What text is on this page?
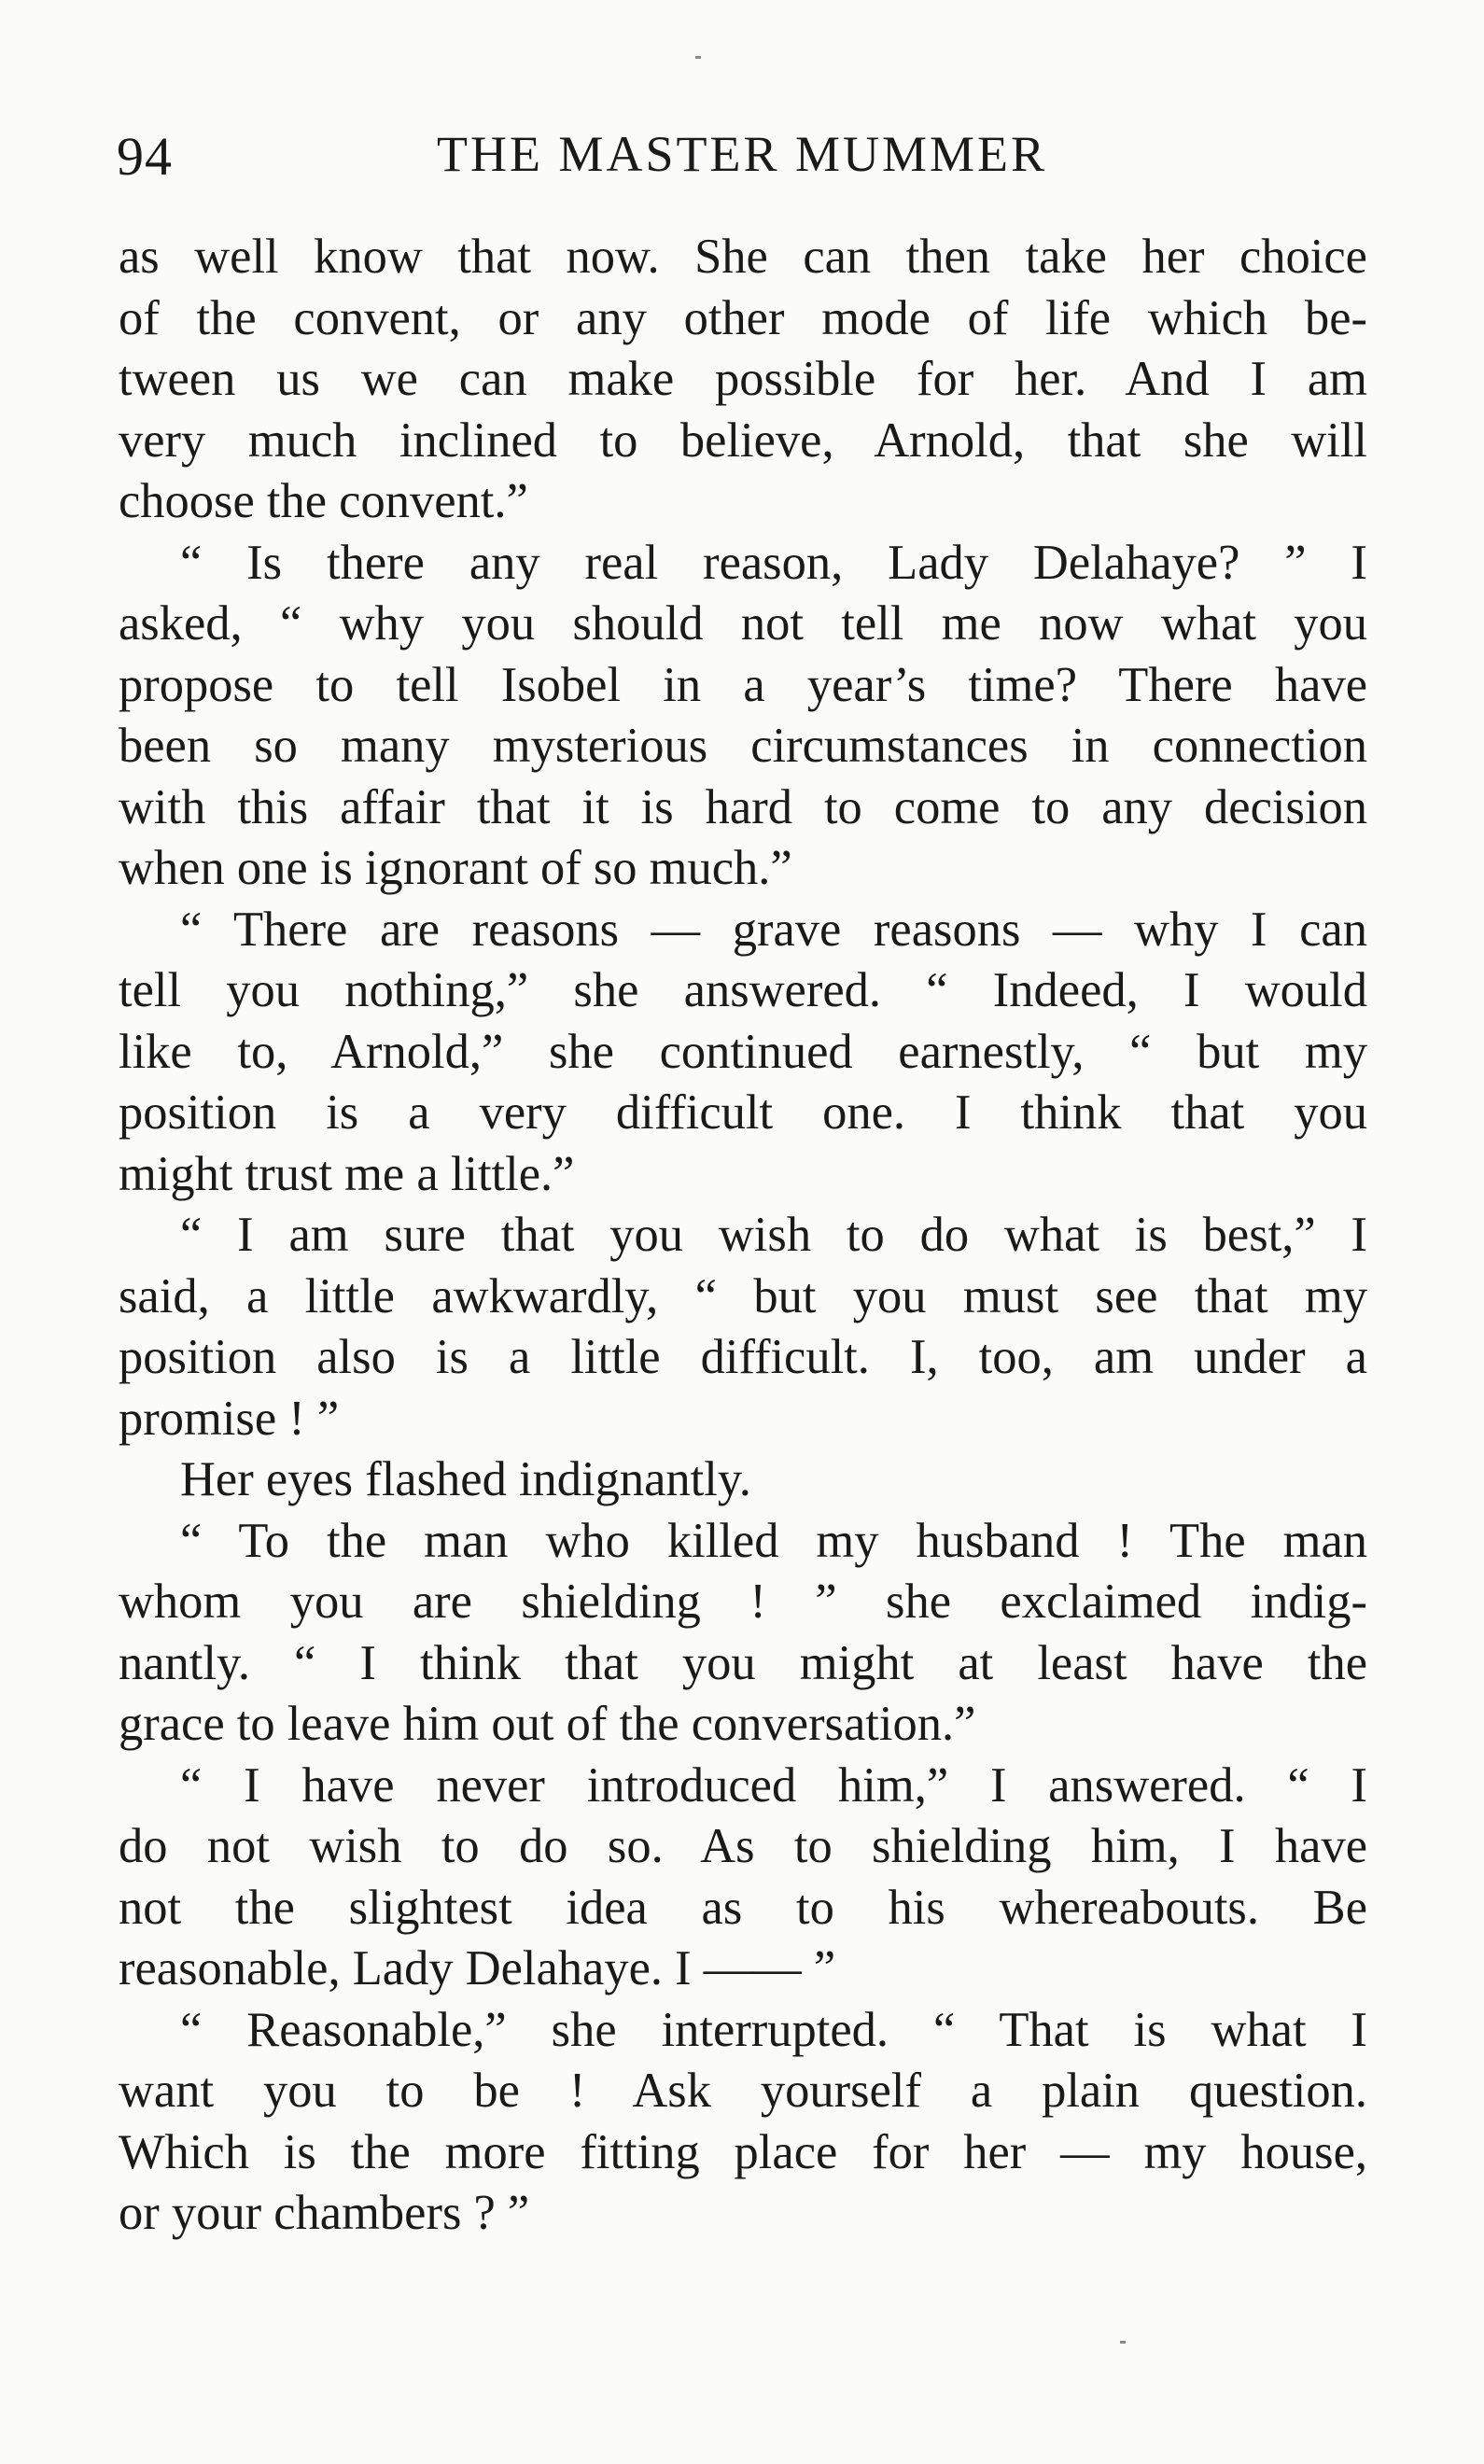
94	THE MASTER MUMMER
as well know that now. She can then take her choice
of the convent, or any other mode of life which be-
tween us we can make possible for her. And I am
very much inclined to believe, Arnold, that she will
choose the convent.”
“ Is there any real reason, Lady Delahaye? ” I
asked, “ why you should not tell me now what you
propose to tell Isobel in a year’s time? There have
been so many mysterious circumstances in connection
with this affair that it is hard to come to any decision
when one is ignorant of so much.”
“ There are reasons — grave reasons — why I can
tell you nothing,” she answered. “ Indeed, I would
like to, Arnold,” she continued earnestly, “ but my
position is a very difficult one. I think that you
might trust me a little.”
“ I am sure that you wish to do what is best,” I
said, a little awkwardly, “ but you must see that my
position also is a little difficult. I, too, am under a
promise ! ”
Her eyes flashed indignantly.
“ To the man who killed my husband ! The man
whom you are shielding ! ” she exclaimed indig-
nantly. “ I think that you might at least have the
grace to leave him out of the conversation.”
“ I have never introduced him,” I answered. “ I
do not wish to do so. As to shielding him, I have
not the slightest idea as to his whereabouts. Be
reasonable, Lady Delahaye. I —— ”
“ Reasonable,” she interrupted. “ That is what I
want you to be ! Ask yourself a plain question.
Which is the more fitting place for her — my house,
or your chambers ? ”
